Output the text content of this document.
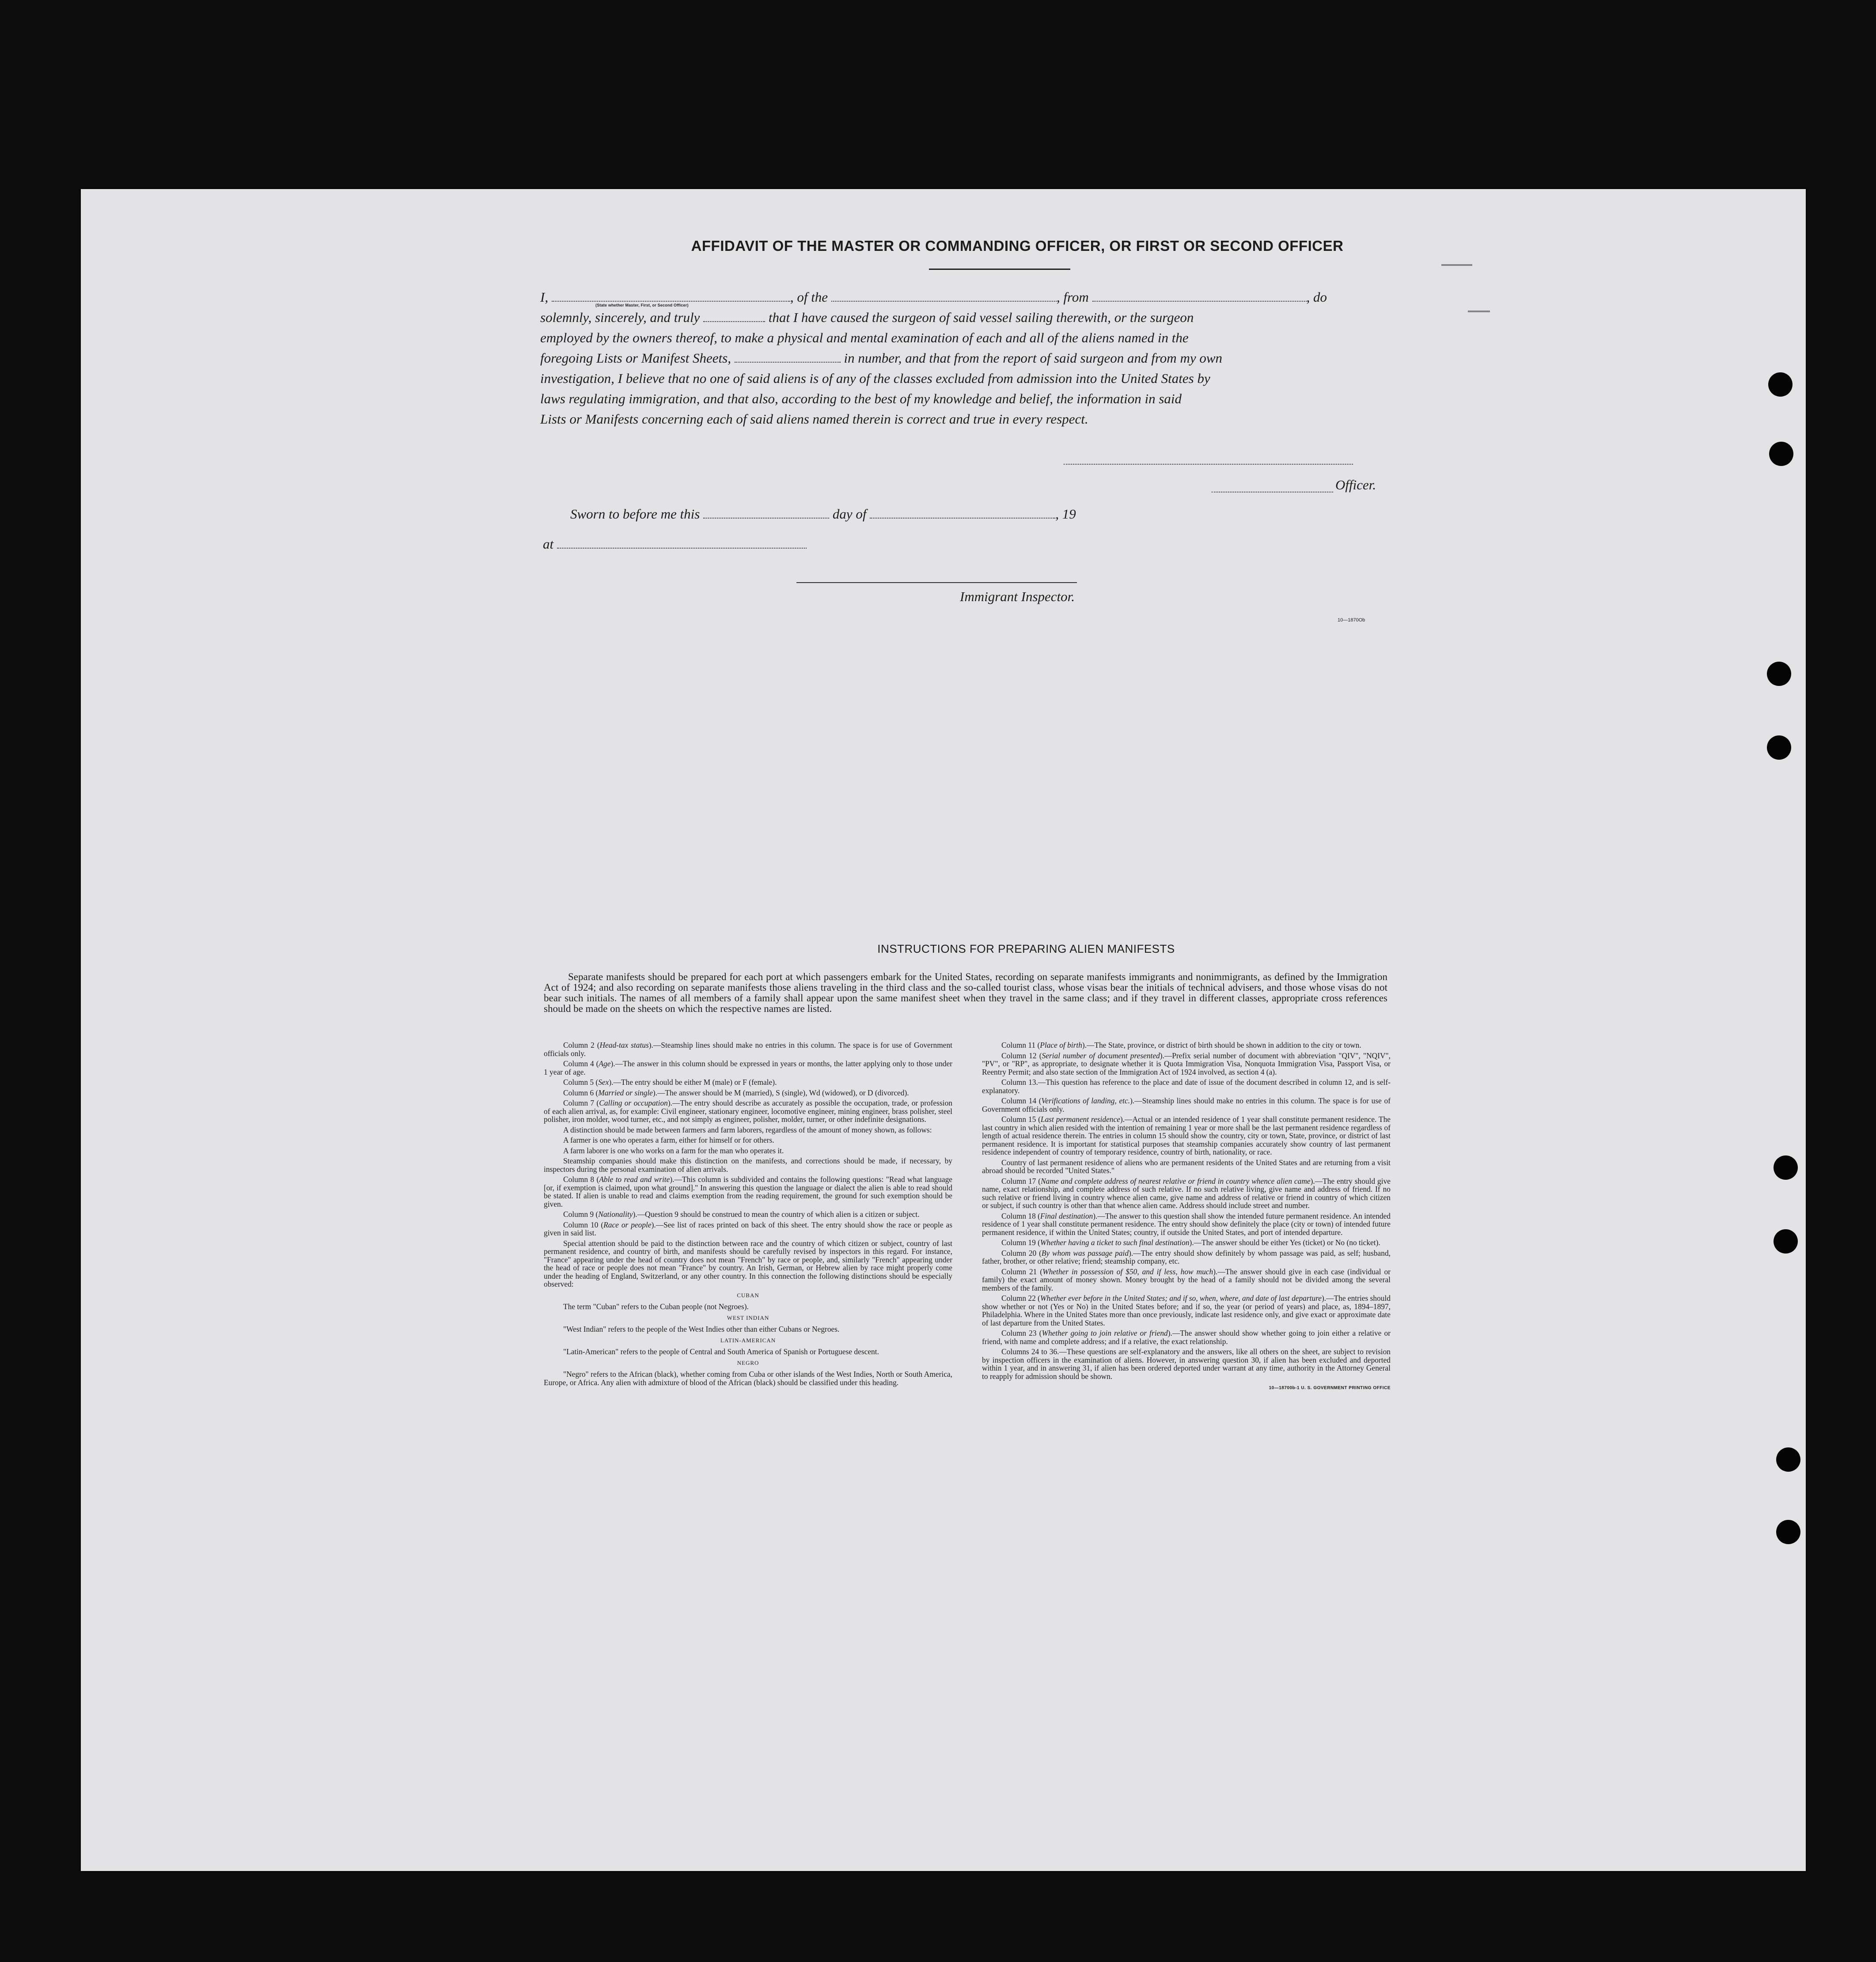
AFFIDAVIT OF THE MASTER OR COMMANDING OFFICER, OR FIRST OR SECOND OFFICER
I,	, of the	, from	, do
solemnly, sincerely, and truly	that I have caused the surgeon of said vessel sailing therewith, or the surgeon
employed by the owners thereof, to make a physical and mental examination of each and all of the aliens named in the
foregoing Lists or Manifest Sheets,	in number, and that from the report of said surgeon and from my own
investigation, I believe that no one of said aliens is of any of the classes excluded from admission into the United States by
laws regulating immigration, and that also, according to the best of my knowledge and belief, the information in said
Lists or Manifests concerning each of said aliens named therein is correct and true in every respect.
(State whether Master, First, or Second Officer)
Officer.
Sworn to before me this	day of	, 19
at
Immigrant Inspector.
10—1870Ob
INSTRUCTIONS FOR PREPARING ALIEN MANIFESTS
Separate manifests should be prepared for each port at which passengers embark for the United States, recording on separate manifests immigrants and nonimmigrants, as defined by the Immigration Act of 1924; and also recording on separate manifests those aliens traveling in the third class and the so-called tourist class, whose visas bear the initials of technical advisers, and those whose visas do not bear such initials. The names of all members of a family shall appear upon the same manifest sheet when they travel in the same class; and if they travel in different classes, appropriate cross references should be made on the sheets on which the respective names are listed.

Column 2 (Head-tax status).—Steamship lines should make no entries in this column. The space is for use of Government officials only.

Column 4 (Age).—The answer in this column should be expressed in years or months, the latter applying only to those under 1 year of age.

Column 5 (Sex).—The entry should be either M (male) or F (female).

Column 6 (Married or single).—The answer should be M (married), S (single), Wd (widowed), or D (divorced).

Column 7 (Calling or occupation).—The entry should describe as accurately as possible the occupation, trade, or profession of each alien arrival, as, for example: Civil engineer, stationary engineer, locomotive engineer, mining engineer, brass polisher, steel polisher, iron molder, wood turner, etc., and not simply as engineer, polisher, molder, turner, or other indefinite designations.

A distinction should be made between farmers and farm laborers, regardless of the amount of money shown, as follows:

A farmer is one who operates a farm, either for himself or for others.

A farm laborer is one who works on a farm for the man who operates it.

Steamship companies should make this distinction on the manifests, and corrections should be made, if necessary, by inspectors during the personal examination of alien arrivals.

Column 8 (Able to read and write).—This column is subdivided and contains the following questions: "Read what language [or, if exemption is claimed, upon what ground]." In answering this question the language or dialect the alien is able to read should be stated. If alien is unable to read and claims exemption from the reading requirement, the ground for such exemption should be given.

Column 9 (Nationality).—Question 9 should be construed to mean the country of which alien is a citizen or subject.

Column 10 (Race or people).—See list of races printed on back of this sheet. The entry should show the race or people as given in said list.

Special attention should be paid to the distinction between race and the country of which citizen or subject, country of last permanent residence, and country of birth, and manifests should be carefully revised by inspectors in this regard. For instance, "France" appearing under the head of country does not mean "French" by race or people, and, similarly "French" appearing under the head of race or people does not mean "France" by country. An Irish, German, or Hebrew alien by race might properly come under the heading of England, Switzerland, or any other country. In this connection the following distinctions should be especially observed:

CUBAN

The term "Cuban" refers to the Cuban people (not Negroes).

WEST INDIAN

"West Indian" refers to the people of the West Indies other than either Cubans or Negroes.

LATIN-AMERICAN

"Latin-American" refers to the people of Central and South America of Spanish or Portuguese descent.

NEGRO

"Negro" refers to the African (black), whether coming from Cuba or other islands of the West Indies, North or South America, Europe, or Africa. Any alien with admixture of blood of the African (black) should be classified under this heading.

Column 11 (Place of birth).—The State, province, or district of birth should be shown in addition to the city or town.

Column 12 (Serial number of document presented).—Prefix serial number of document with abbreviation "QIV", "NQIV", "PV", or "RP", as appropriate, to designate whether it is Quota Immigration Visa, Nonquota Immigration Visa, Passport Visa, or Reentry Permit; and also state section of the Immigration Act of 1924 involved, as section 4 (a).

Column 13.—This question has reference to the place and date of issue of the document described in column 12, and is self-explanatory.

Column 14 (Verifications of landing, etc.).—Steamship lines should make no entries in this column. The space is for use of Government officials only.

Column 15 (Last permanent residence).—Actual or an intended residence of 1 year shall constitute permanent residence. The last country in which alien resided with the intention of remaining 1 year or more shall be the last permanent residence regardless of length of actual residence therein. The entries in column 15 should show the country, city or town, State, province, or district of last permanent residence. It is important for statistical purposes that steamship companies accurately show country of last permanent residence independent of country of temporary residence, country of birth, nationality, or race.

Country of last permanent residence of aliens who are permanent residents of the United States and are returning from a visit abroad should be recorded "United States."

Column 17 (Name and complete address of nearest relative or friend in country whence alien came).—The entry should give name, exact relationship, and complete address of such relative. If no such relative living, give name and address of friend. If no such relative or friend living in country whence alien came, give name and address of relative or friend in country of which citizen or subject, if such country is other than that whence alien came. Address should include street and number.

Column 18 (Final destination).—The answer to this question shall show the intended future permanent residence. An intended residence of 1 year shall constitute permanent residence. The entry should show definitely the place (city or town) of intended future permanent residence, if within the United States; country, if outside the United States, and port of intended departure.

Column 19 (Whether having a ticket to such final destination).—The answer should be either Yes (ticket) or No (no ticket).

Column 20 (By whom was passage paid).—The entry should show definitely by whom passage was paid, as self; husband, father, brother, or other relative; friend; steamship company, etc.

Column 21 (Whether in possession of $50, and if less, how much).—The answer should give in each case (individual or family) the exact amount of money shown. Money brought by the head of a family should not be divided among the several members of the family.

Column 22 (Whether ever before in the United States; and if so, when, where, and date of last departure).—The entries should show whether or not (Yes or No) in the United States before; and if so, the year (or period of years) and place, as, 1894–1897, Philadelphia. Where in the United States more than once previously, indicate last residence only, and give exact or approximate date of last departure from the United States.

Column 23 (Whether going to join relative or friend).—The answer should show whether going to join either a relative or friend, with name and complete address; and if a relative, the exact relationship.

Columns 24 to 36.—These questions are self-explanatory and the answers, like all others on the sheet, are subject to revision by inspection officers in the examination of aliens. However, in answering question 30, if alien has been excluded and deported within 1 year, and in answering 31, if alien has been ordered deported under warrant at any time, authority in the Attorney General to reapply for admission should be shown.

10—18700b-1 U. S. GOVERNMENT PRINTING OFFICE
